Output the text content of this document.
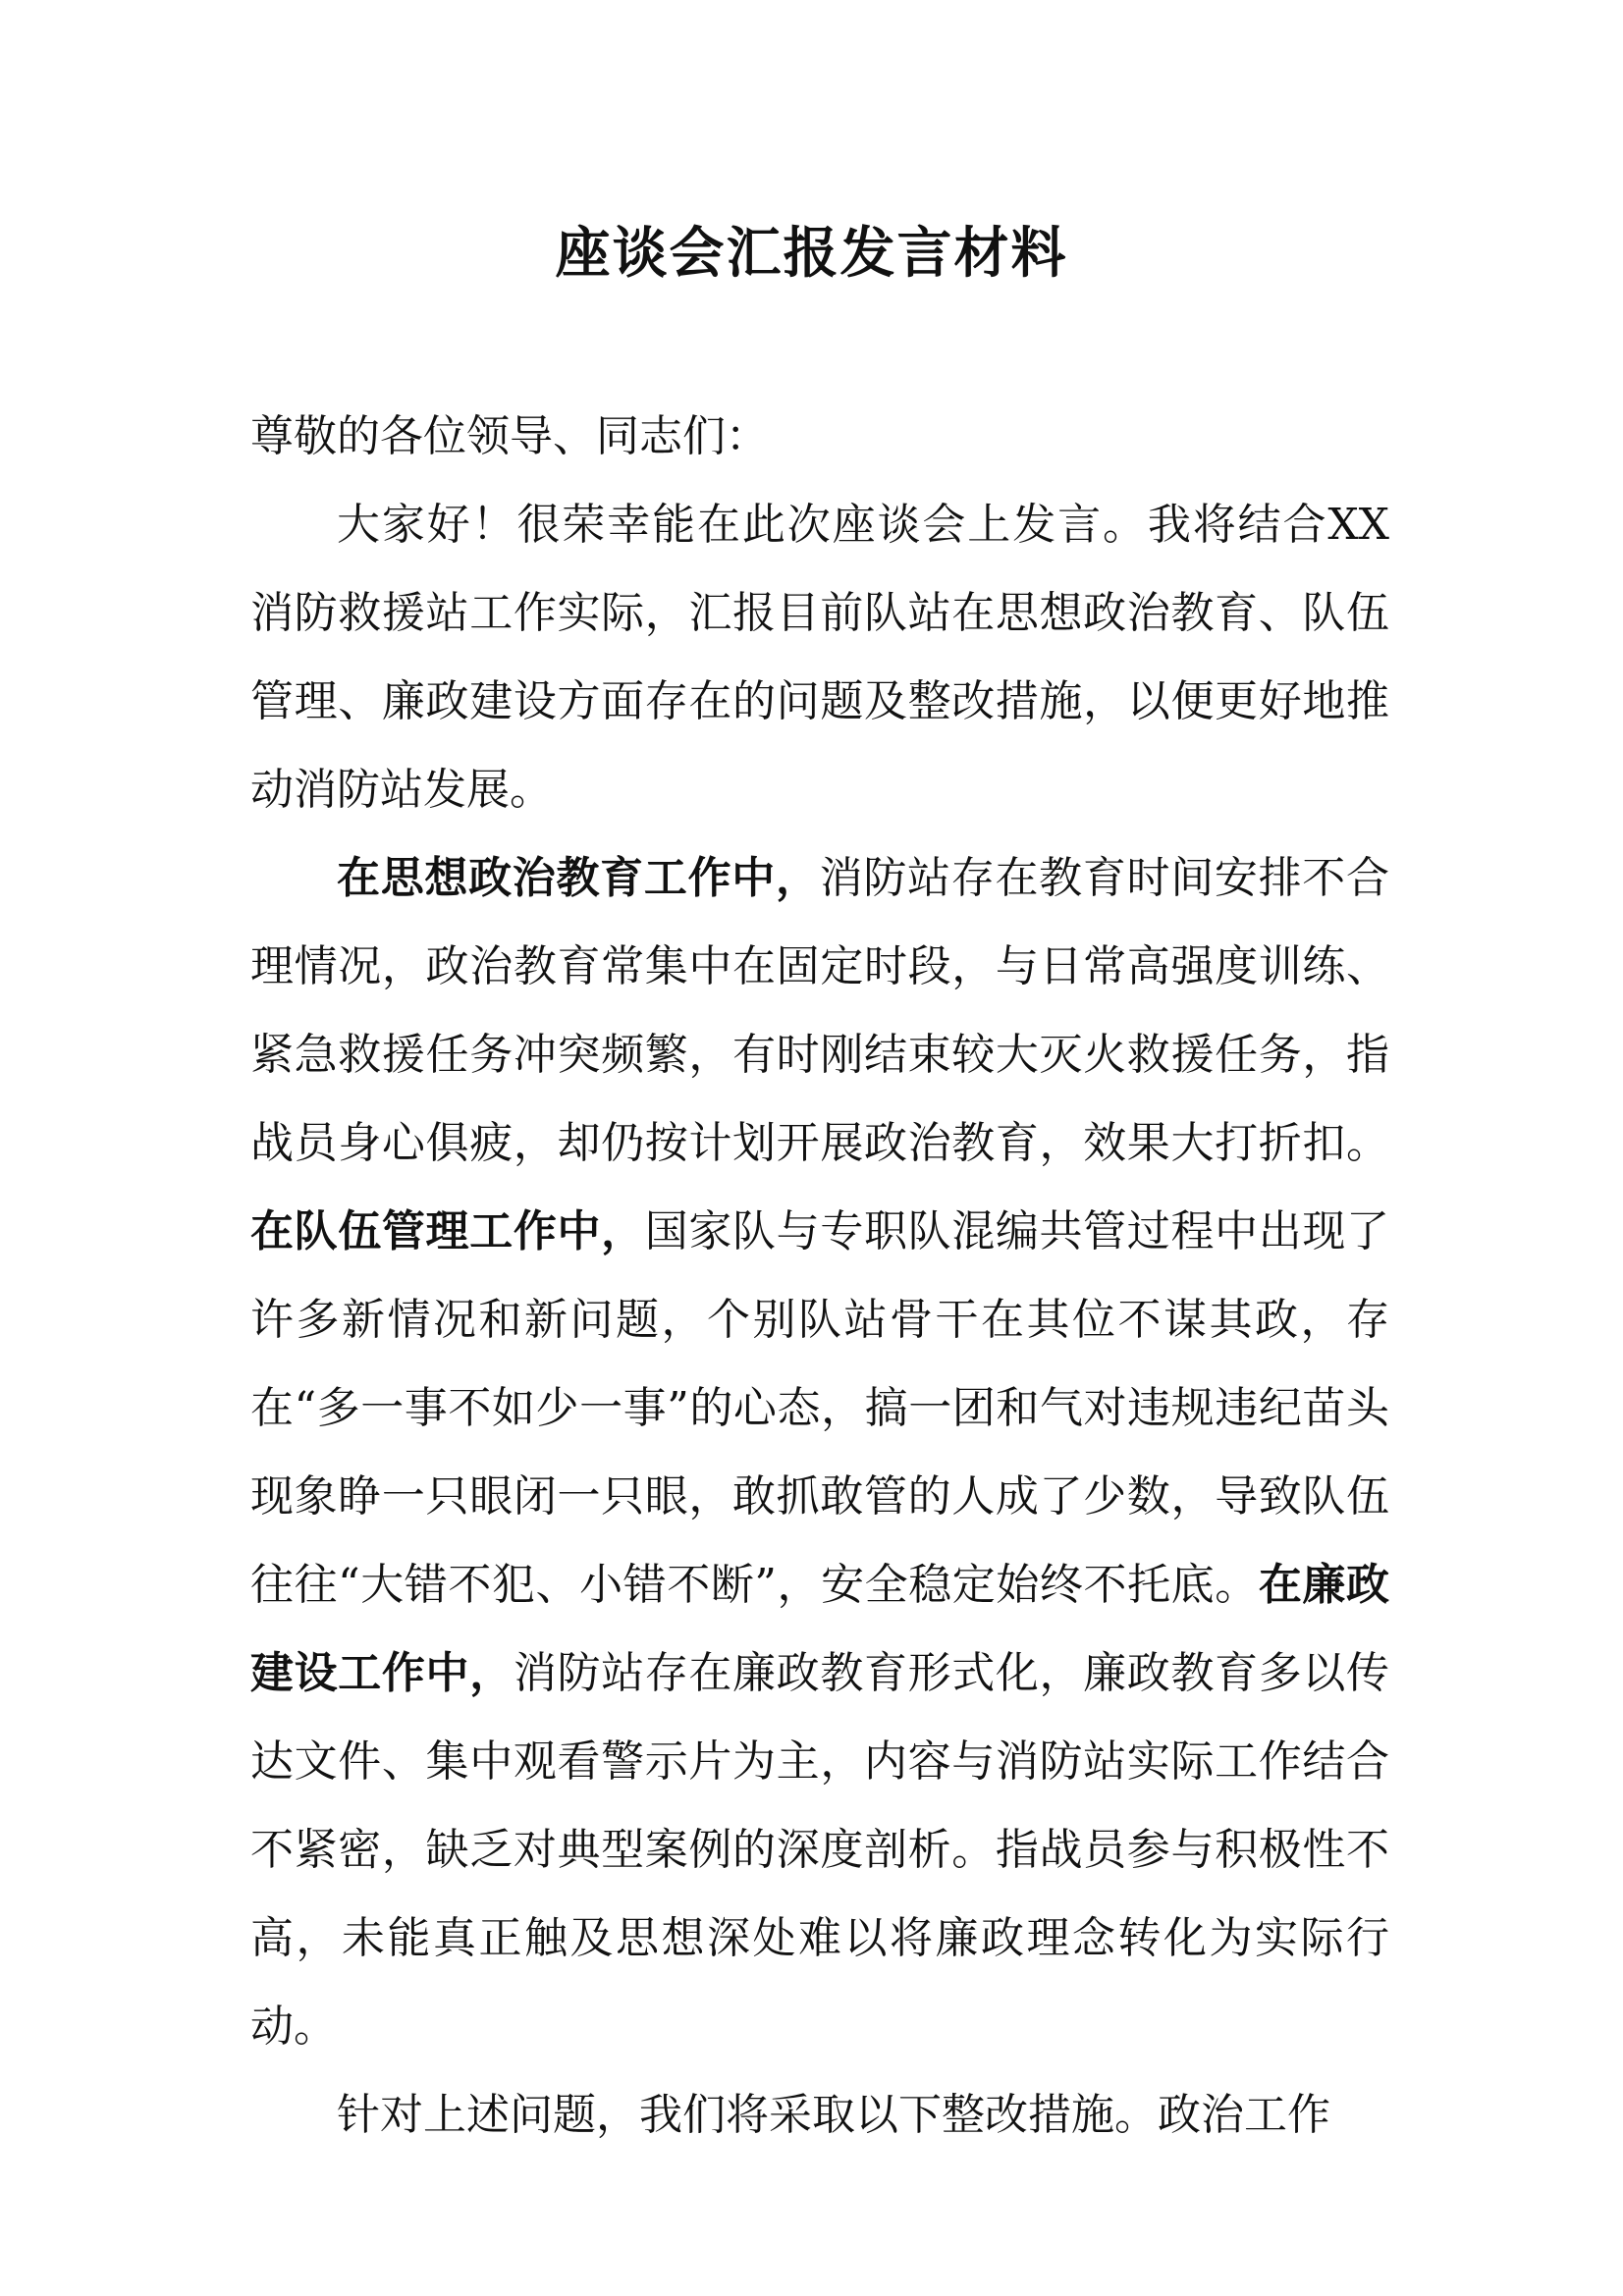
座谈会汇报发言材料

尊敬的各位领导、同志们：

大家好！很荣幸能在此次座谈会上发言。我将结合XX消防救援站工作实际，汇报目前队站在思想政治教育、队伍管理、廉政建设方面存在的问题及整改措施，以便更好地推动消防站发展。

在思想政治教育工作中，消防站存在教育时间安排不合理情况，政治教育常集中在固定时段，与日常高强度训练、紧急救援任务冲突频繁，有时刚结束较大灭火救援任务，指战员身心俱疲，却仍按计划开展政治教育，效果大打折扣。在队伍管理工作中，国家队与专职队混编共管过程中出现了许多新情况和新问题，个别队站骨干在其位不谋其政，存在“多一事不如少一事”的心态，搞一团和气对违规违纪苗头现象睁一只眼闭一只眼，敢抓敢管的人成了少数，导致队伍往往“大错不犯、小错不断”，安全稳定始终不托底。在廉政建设工作中，消防站存在廉政教育形式化，廉政教育多以传达文件、集中观看警示片为主，内容与消防站实际工作结合不紧密，缺乏对典型案例的深度剖析。指战员参与积极性不高，未能真正触及思想深处难以将廉政理念转化为实际行动。

针对上述问题，我们将采取以下整改措施。政治工作
